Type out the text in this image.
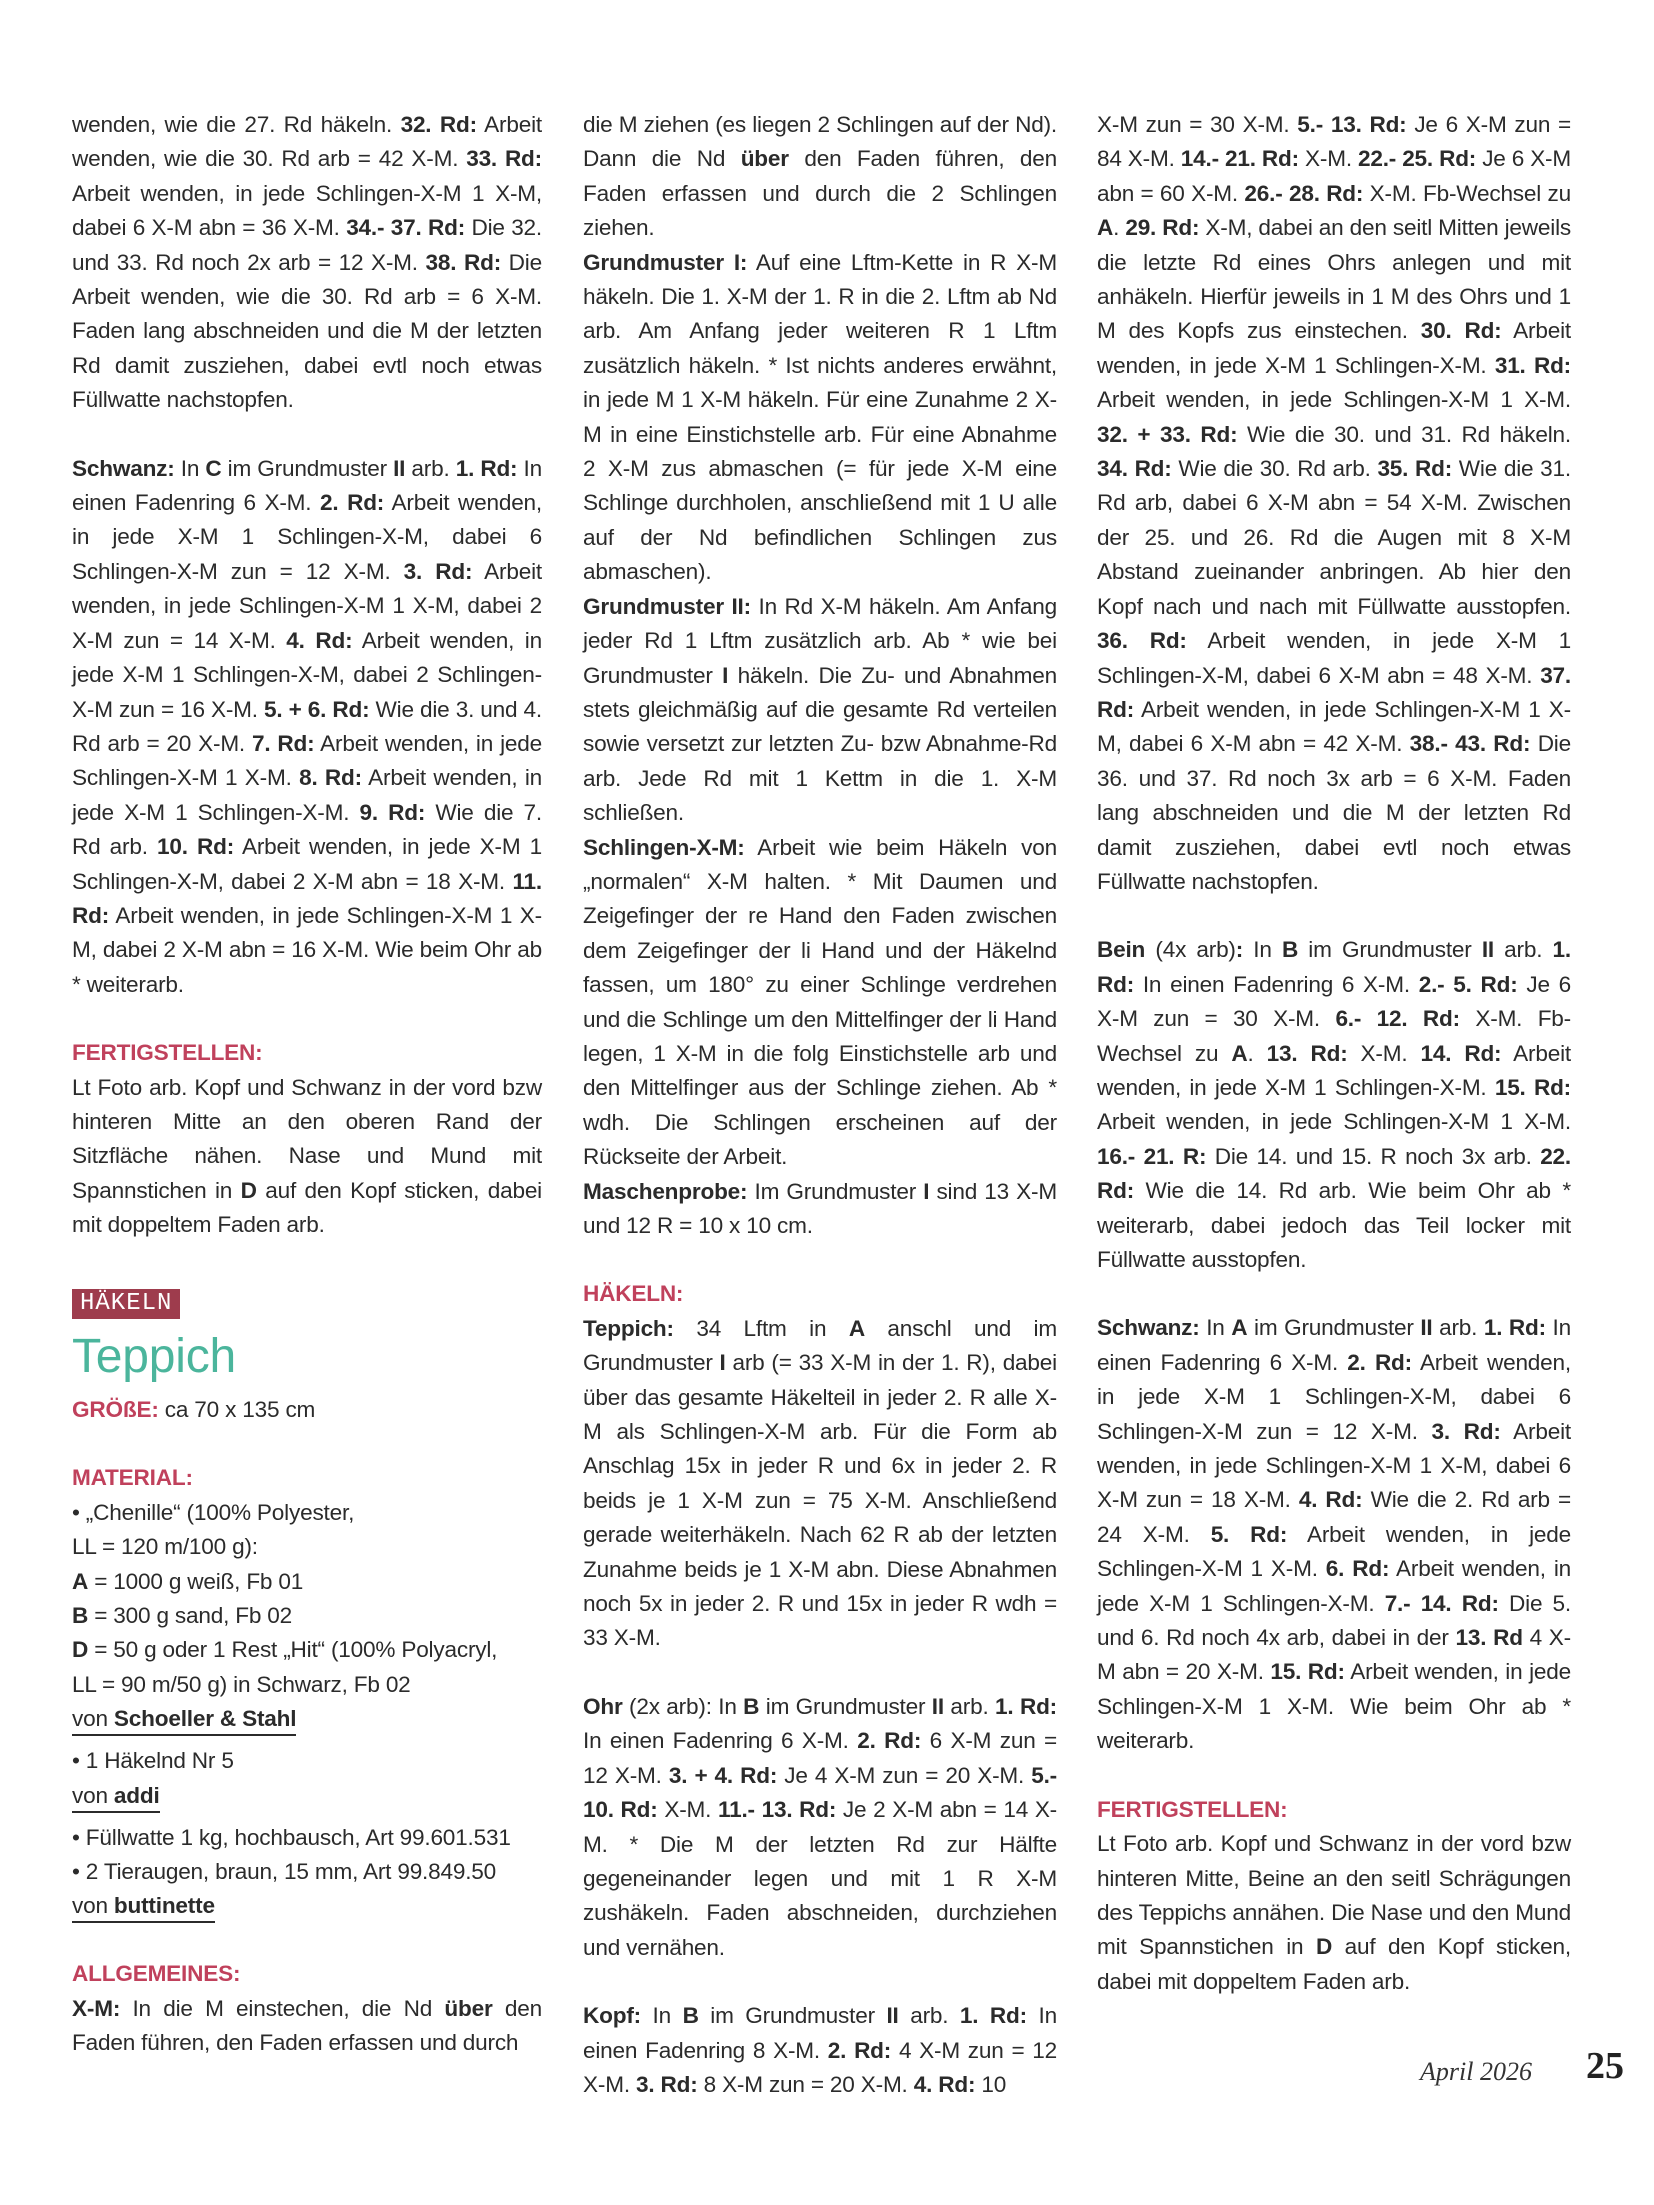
wenden, wie die 27. Rd häkeln. 32. Rd: Arbeit wenden, wie die 30. Rd arb = 42 X-M. 33. Rd: Arbeit wenden, in jede Schlingen-X-M 1 X-M, dabei 6 X-M abn = 36 X-M. 34.- 37. Rd: Die 32. und 33. Rd noch 2x arb = 12 X-M. 38. Rd: Die Arbeit wenden, wie die 30. Rd arb = 6 X-M. Faden lang abschneiden und die M der letzten Rd damit zusziehen, dabei evtl noch etwas Füllwatte nachstopfen.

Schwanz: In C im Grundmuster II arb. 1. Rd: In einen Fadenring 6 X-M. 2. Rd: Arbeit wenden, in jede X-M 1 Schlingen-X-M, dabei 6 Schlingen-X-M zun = 12 X-M. 3. Rd: Arbeit wenden, in jede Schlingen-X-M 1 X-M, dabei 2 X-M zun = 14 X-M. 4. Rd: Arbeit wenden, in jede X-M 1 Schlingen-X-M, dabei 2 Schlingen-X-M zun = 16 X-M. 5. + 6. Rd: Wie die 3. und 4. Rd arb = 20 X-M. 7. Rd: Arbeit wenden, in jede Schlingen-X-M 1 X-M. 8. Rd: Arbeit wenden, in jede X-M 1 Schlingen-X-M. 9. Rd: Wie die 7. Rd arb. 10. Rd: Arbeit wenden, in jede X-M 1 Schlingen-X-M, dabei 2 X-M abn = 18 X-M. 11. Rd: Arbeit wenden, in jede Schlingen-X-M 1 X-M, dabei 2 X-M abn = 16 X-M. Wie beim Ohr ab * weiterarb.

FERTIGSTELLEN:

Lt Foto arb. Kopf und Schwanz in der vord bzw hinteren Mitte an den oberen Rand der Sitzfläche nähen. Nase und Mund mit Spannstichen in D auf den Kopf sticken, dabei mit doppeltem Faden arb.

HÄKELN
Teppich

GRÖßE: ca 70 x 135 cm

MATERIAL:

• „Chenille“ (100% Polyester,

LL = 120 m/100 g):

A = 1000 g weiß, Fb 01

B = 300 g sand, Fb 02

D = 50 g oder 1 Rest „Hit“ (100% Polyacryl,

LL = 90 m/50 g) in Schwarz, Fb 02

von Schoeller & Stahl

• 1 Häkelnd Nr 5

von addi

• Füllwatte 1 kg, hochbausch, Art 99.601.531

• 2 Tieraugen, braun, 15 mm, Art 99.849.50

von buttinette

ALLGEMEINES:

X-M: In die M einstechen, die Nd über den Faden führen, den Faden erfassen und durch

die M ziehen (es liegen 2 Schlingen auf der Nd). Dann die Nd über den Faden führen, den Faden erfassen und durch die 2 Schlingen ziehen.

Grundmuster I: Auf eine Lftm-Kette in R X-M häkeln. Die 1. X-M der 1. R in die 2. Lftm ab Nd arb. Am Anfang jeder weiteren R 1 Lftm zusätzlich häkeln. * Ist nichts anderes erwähnt, in jede M 1 X-M häkeln. Für eine Zunahme 2 X-M in eine Einstichstelle arb. Für eine Abnahme 2 X-M zus abmaschen (= für jede X-M eine Schlinge durchholen, anschließend mit 1 U alle auf der Nd befindlichen Schlingen zus abmaschen).

Grundmuster II: In Rd X-M häkeln. Am Anfang jeder Rd 1 Lftm zusätzlich arb. Ab * wie bei Grundmuster I häkeln. Die Zu- und Abnahmen stets gleichmäßig auf die gesamte Rd verteilen sowie versetzt zur letzten Zu- bzw Abnahme-Rd arb. Jede Rd mit 1 Kettm in die 1. X-M schließen.

Schlingen-X-M: Arbeit wie beim Häkeln von „normalen“ X-M halten. * Mit Daumen und Zeigefinger der re Hand den Faden zwischen dem Zeigefinger der li Hand und der Häkelnd fassen, um 180° zu einer Schlinge verdrehen und die Schlinge um den Mittelfinger der li Hand legen, 1 X-M in die folg Einstichstelle arb und den Mittelfinger aus der Schlinge ziehen. Ab * wdh. Die Schlingen erscheinen auf der Rückseite der Arbeit.

Maschenprobe: Im Grundmuster I sind 13 X-M und 12 R = 10 x 10 cm.

HÄKELN:

Teppich: 34 Lftm in A anschl und im Grundmuster I arb (= 33 X-M in der 1. R), dabei über das gesamte Häkelteil in jeder 2. R alle X-M als Schlingen-X-M arb. Für die Form ab Anschlag 15x in jeder R und 6x in jeder 2. R beids je 1 X-M zun = 75 X-M. Anschließend gerade weiterhäkeln. Nach 62 R ab der letzten Zunahme beids je 1 X-M abn. Diese Abnahmen noch 5x in jeder 2. R und 15x in jeder R wdh = 33 X-M.

Ohr (2x arb): In B im Grundmuster II arb. 1. Rd: In einen Fadenring 6 X-M. 2. Rd: 6 X-M zun = 12 X-M. 3. + 4. Rd: Je 4 X-M zun = 20 X-M. 5.- 10. Rd: X-M. 11.- 13. Rd: Je 2 X-M abn = 14 X-M. * Die M der letzten Rd zur Hälfte gegeneinander legen und mit 1 R X-M zushäkeln. Faden abschneiden, durchziehen und vernähen.

Kopf: In B im Grundmuster II arb. 1. Rd: In einen Fadenring 8 X-M. 2. Rd: 4 X-M zun = 12 X-M. 3. Rd: 8 X-M zun = 20 X-M. 4. Rd: 10

X-M zun = 30 X-M. 5.- 13. Rd: Je 6 X-M zun = 84 X-M. 14.- 21. Rd: X-M. 22.- 25. Rd: Je 6 X-M abn = 60 X-M. 26.- 28. Rd: X-M. Fb-Wechsel zu A. 29. Rd: X-M, dabei an den seitl Mitten jeweils die letzte Rd eines Ohrs anlegen und mit anhäkeln. Hierfür jeweils in 1 M des Ohrs und 1 M des Kopfs zus einstechen. 30. Rd: Arbeit wenden, in jede X-M 1 Schlingen-X-M. 31. Rd: Arbeit wenden, in jede Schlingen-X-M 1 X-M. 32. + 33. Rd: Wie die 30. und 31. Rd häkeln. 34. Rd: Wie die 30. Rd arb. 35. Rd: Wie die 31. Rd arb, dabei 6 X-M abn = 54 X-M. Zwischen der 25. und 26. Rd die Augen mit 8 X-M Abstand zueinander anbringen. Ab hier den Kopf nach und nach mit Füllwatte ausstopfen. 36. Rd: Arbeit wenden, in jede X-M 1 Schlingen-X-M, dabei 6 X-M abn = 48 X-M. 37. Rd: Arbeit wenden, in jede Schlingen-X-M 1 X-M, dabei 6 X-M abn = 42 X-M. 38.- 43. Rd: Die 36. und 37. Rd noch 3x arb = 6 X-M. Faden lang abschneiden und die M der letzten Rd damit zusziehen, dabei evtl noch etwas Füllwatte nachstopfen.

Bein (4x arb): In B im Grundmuster II arb. 1. Rd: In einen Fadenring 6 X-M. 2.- 5. Rd: Je 6 X-M zun = 30 X-M. 6.- 12. Rd: X-M. Fb-Wechsel zu A. 13. Rd: X-M. 14. Rd: Arbeit wenden, in jede X-M 1 Schlingen-X-M. 15. Rd: Arbeit wenden, in jede Schlingen-X-M 1 X-M. 16.- 21. R: Die 14. und 15. R noch 3x arb. 22. Rd: Wie die 14. Rd arb. Wie beim Ohr ab * weiterarb, dabei jedoch das Teil locker mit Füllwatte ausstopfen.

Schwanz: In A im Grundmuster II arb. 1. Rd: In einen Fadenring 6 X-M. 2. Rd: Arbeit wenden, in jede X-M 1 Schlingen-X-M, dabei 6 Schlingen-X-M zun = 12 X-M. 3. Rd: Arbeit wenden, in jede Schlingen-X-M 1 X-M, dabei 6 X-M zun = 18 X-M. 4. Rd: Wie die 2. Rd arb = 24 X-M. 5. Rd: Arbeit wenden, in jede Schlingen-X-M 1 X-M. 6. Rd: Arbeit wenden, in jede X-M 1 Schlingen-X-M. 7.- 14. Rd: Die 5. und 6. Rd noch 4x arb, dabei in der 13. Rd 4 X-M abn = 20 X-M. 15. Rd: Arbeit wenden, in jede Schlingen-X-M 1 X-M. Wie beim Ohr ab * weiterarb.

FERTIGSTELLEN:

Lt Foto arb. Kopf und Schwanz in der vord bzw hinteren Mitte, Beine an den seitl Schrägungen des Teppichs annähen. Die Nase und den Mund mit Spannstichen in D auf den Kopf sticken, dabei mit doppeltem Faden arb.

April 2026 25
